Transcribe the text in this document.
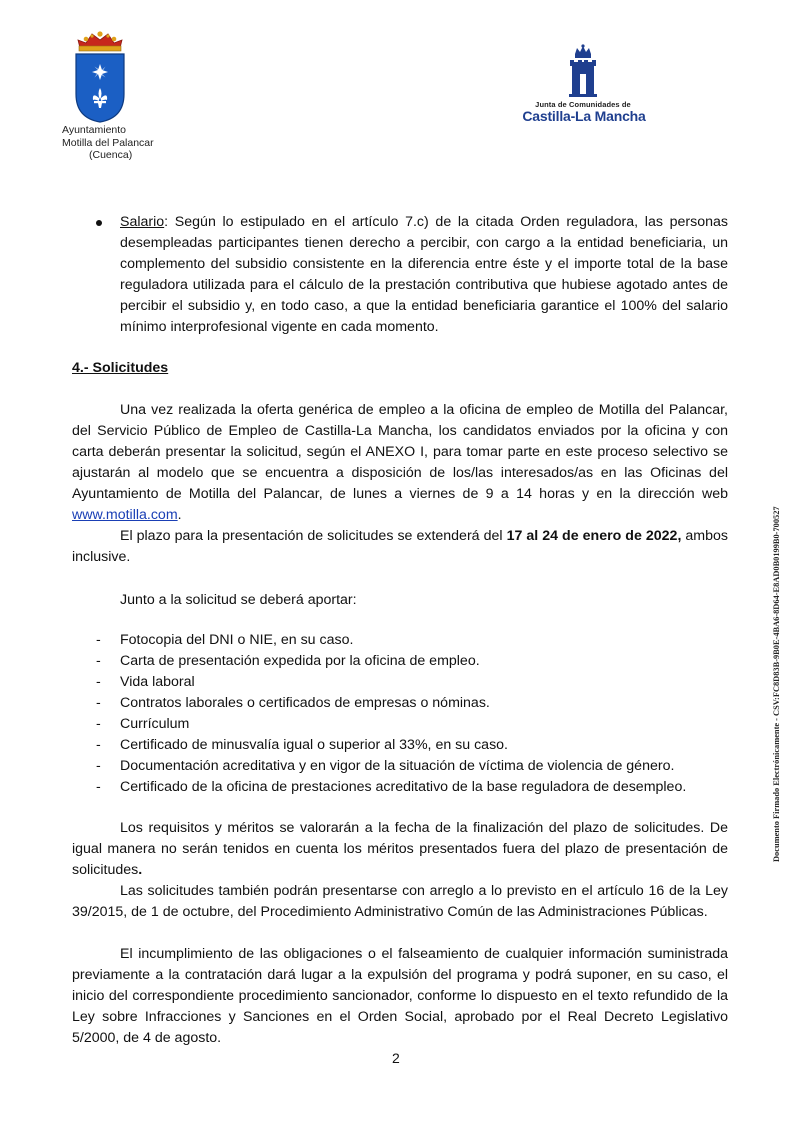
Ayuntamiento
Motilla del Palancar
(Cuenca)
Junta de Comunidades de
Castilla-La Mancha
Documento Firmado Electrónicamente - CSV:FC8D83B-9B0E-4BA6-8D64-E8AD0B0199B0-700527
Salario: Según lo estipulado en el artículo 7.c) de la citada Orden reguladora, las personas desempleadas participantes tienen derecho a percibir, con cargo a la entidad beneficiaria, un complemento del subsidio consistente en la diferencia entre éste y el importe total de la base reguladora utilizada para el cálculo de la prestación contributiva que hubiese agotado antes de percibir el subsidio y, en todo caso, a que la entidad beneficiaria garantice el 100% del salario mínimo interprofesional vigente en cada momento.
4.- Solicitudes
Una vez realizada la oferta genérica de empleo a la oficina de empleo de Motilla del Palancar, del Servicio Público de Empleo de Castilla-La Mancha, los candidatos enviados por la oficina y con carta deberán presentar la solicitud, según el ANEXO I, para tomar parte en este proceso selectivo se ajustarán al modelo que se encuentra a disposición de los/las interesados/as en las Oficinas del Ayuntamiento de Motilla del Palancar, de lunes a viernes de 9 a 14 horas y en la dirección web www.motilla.com.
El plazo para la presentación de solicitudes se extenderá del 17 al 24 de enero de 2022, ambos inclusive.
Junto a la solicitud se deberá aportar:
- Fotocopia del DNI o NIE, en su caso.
- Carta de presentación expedida por la oficina de empleo.
- Vida laboral
- Contratos laborales o certificados de empresas o nóminas.
- Currículum
- Certificado de minusvalía igual o superior al 33%, en su caso.
- Documentación acreditativa y en vigor de la situación de víctima de violencia de género.
- Certificado de la oficina de prestaciones acreditativo de la base reguladora de desempleo.
Los requisitos y méritos se valorarán a la fecha de la finalización del plazo de solicitudes. De igual manera no serán tenidos en cuenta los méritos presentados fuera del plazo de presentación de solicitudes.
Las solicitudes también podrán presentarse con arreglo a lo previsto en el artículo 16 de la Ley 39/2015, de 1 de octubre, del Procedimiento Administrativo Común de las Administraciones Públicas.
El incumplimiento de las obligaciones o el falseamiento de cualquier información suministrada previamente a la contratación dará lugar a la expulsión del programa y podrá suponer, en su caso, el inicio del correspondiente procedimiento sancionador, conforme lo dispuesto en el texto refundido de la Ley sobre Infracciones y Sanciones en el Orden Social, aprobado por el Real Decreto Legislativo 5/2000, de 4 de agosto.
2
